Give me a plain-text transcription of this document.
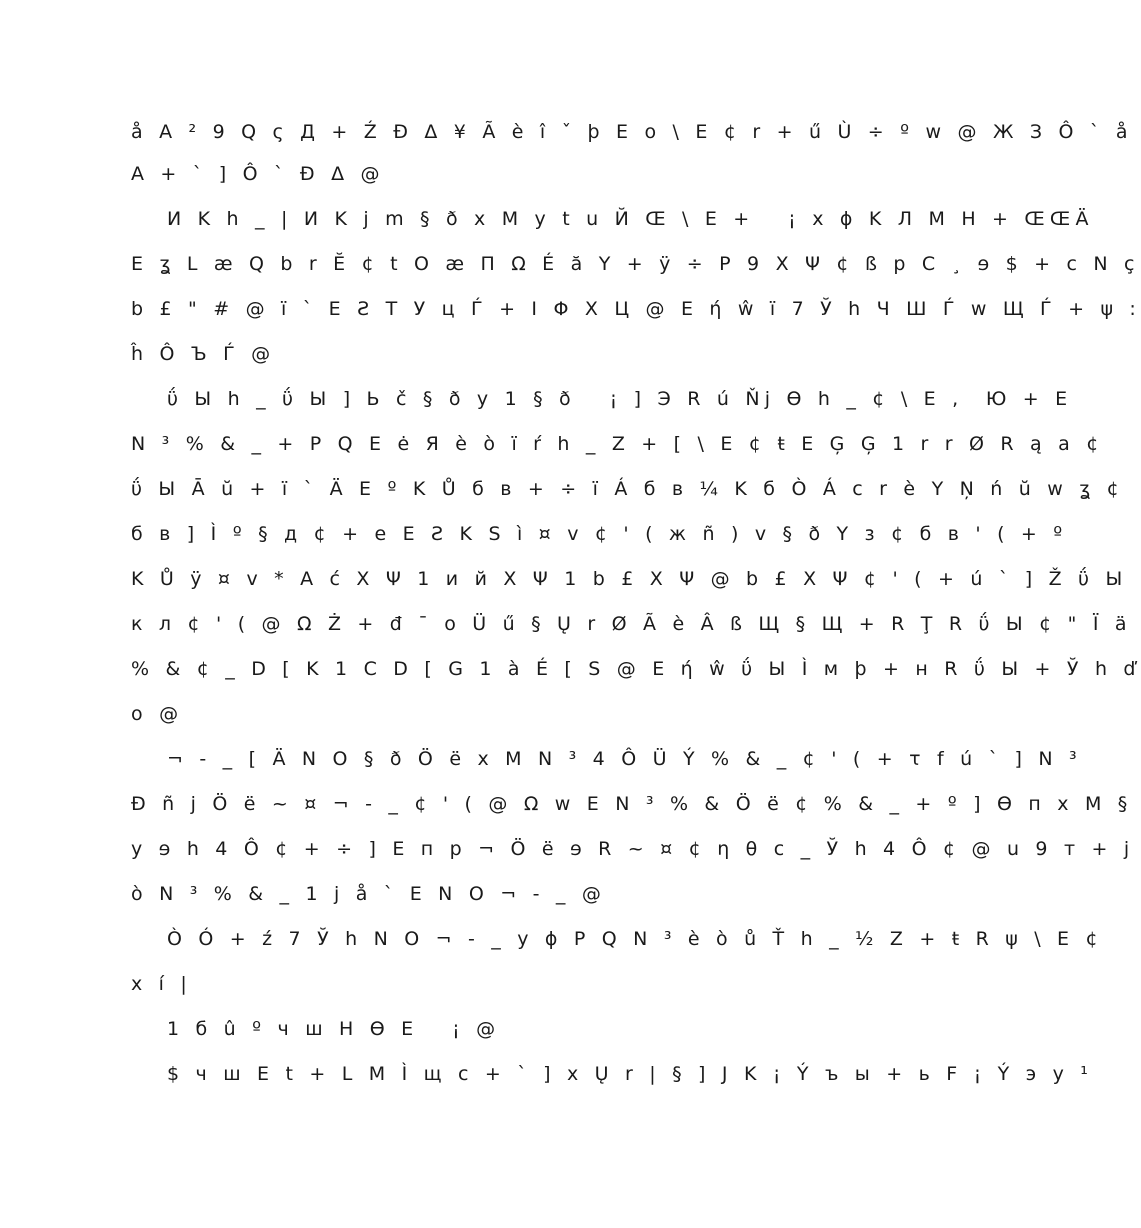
å A ² 9 Q ς Д + Ź Ð Δ ¥ Ã è î ˇ þ E o \ E ¢ r + ű Ù ÷ º w @ Ж З Ô ` å
A + ` ] Ô ` Ð Δ @
И K h _ | И K j m § ð x M y t u Й Œ \ E +   ¡ x ɸ K Л М Н + ŒŒÄ
E ʓ L æ Q b r Ĕ ¢ t O æ П Ω É ă Y + ÿ ÷ P 9 X Ψ ¢ ß p C ¸ ɘ $ + c N ç
b £ " # @ ï ` E Ƨ T У ц Ѓ + I Φ X Ц @ E ή ŵ ï 7 Ў h Ч Ш Ѓ w Щ Ѓ + ψ :
ĥ Ô Ъ Ѓ @
ΰ Ы h _ ΰ Ы ] Ь č § ð y 1 § ð   ¡ ] Э R ú Ňj Ө h _ ¢ \ E ,  Ю + E
N ³ % & _ + P Q E ė Я è ò ï ŕ h _ Z + [ \ E ¢ ŧ E Ģ Ģ 1 r r Ø R ą a ¢
ΰ Ы Ā ŭ + ï ` Ä E º K Ů б в + ÷ ï Á б в ¼ K б Ò Á c r è Y Ņ ń ŭ w ʓ ¢
б в ] Ì º § д ¢ + e E Ƨ K S ì ¤ v ¢ ' ( ж ñ ) v § ð Y з ¢ б в ' ( + º
K Ů ÿ ¤ v * A ć X Ψ 1 и й X Ψ 1 b £ X Ψ @ b £ X Ψ ¢ ' ( + ú ` ] Ž ΰ Ы
к л ¢ ' ( @ Ω Ż + đ ¯ o Ü ű § Ų r Ø Ã è Â ß Щ § Щ + R Ţ R ΰ Ы ¢ " Ï ä
% & ¢ _ D [ K 1 C D [ G 1 à É [ S @ E ή ŵ ΰ Ы Ì м þ + н R ΰ Ы + Ў h ď
o @
¬ - _ [ Ä N O § ð Ö ë x M N ³ 4 Ô Ü Ý % & _ ¢ ' ( + τ f ú ` ] N ³
Ð ñ j Ö ë ~ ¤ ¬ - _ ¢ ' ( @ Ω w E N ³ % & Ö ë ¢ % & _ + º ] Ө п x M §
y ɘ h 4 Ô ¢ + ÷ ] E п р ¬ Ö ë ɘ R ~ ¤ ¢ η θ c _ Ў h 4 Ô ¢ @ u 9 т + j
ò N ³ % & _ 1 j å ` E N O ¬ - _ @
Ò Ó + ź 7 Ў h N O ¬ - _ y ɸ P Q N ³ è ò ů Ť h _ ½ Z + ŧ R ψ \ E ¢
x í |
1 б û º ч ш Н Ө Е   ¡ @
$ ч ш E t + L M Ì щ с + ` ] x Ų r | § ] J K ¡ Ý ъ ы + ь F ¡ Ý э у ¹
